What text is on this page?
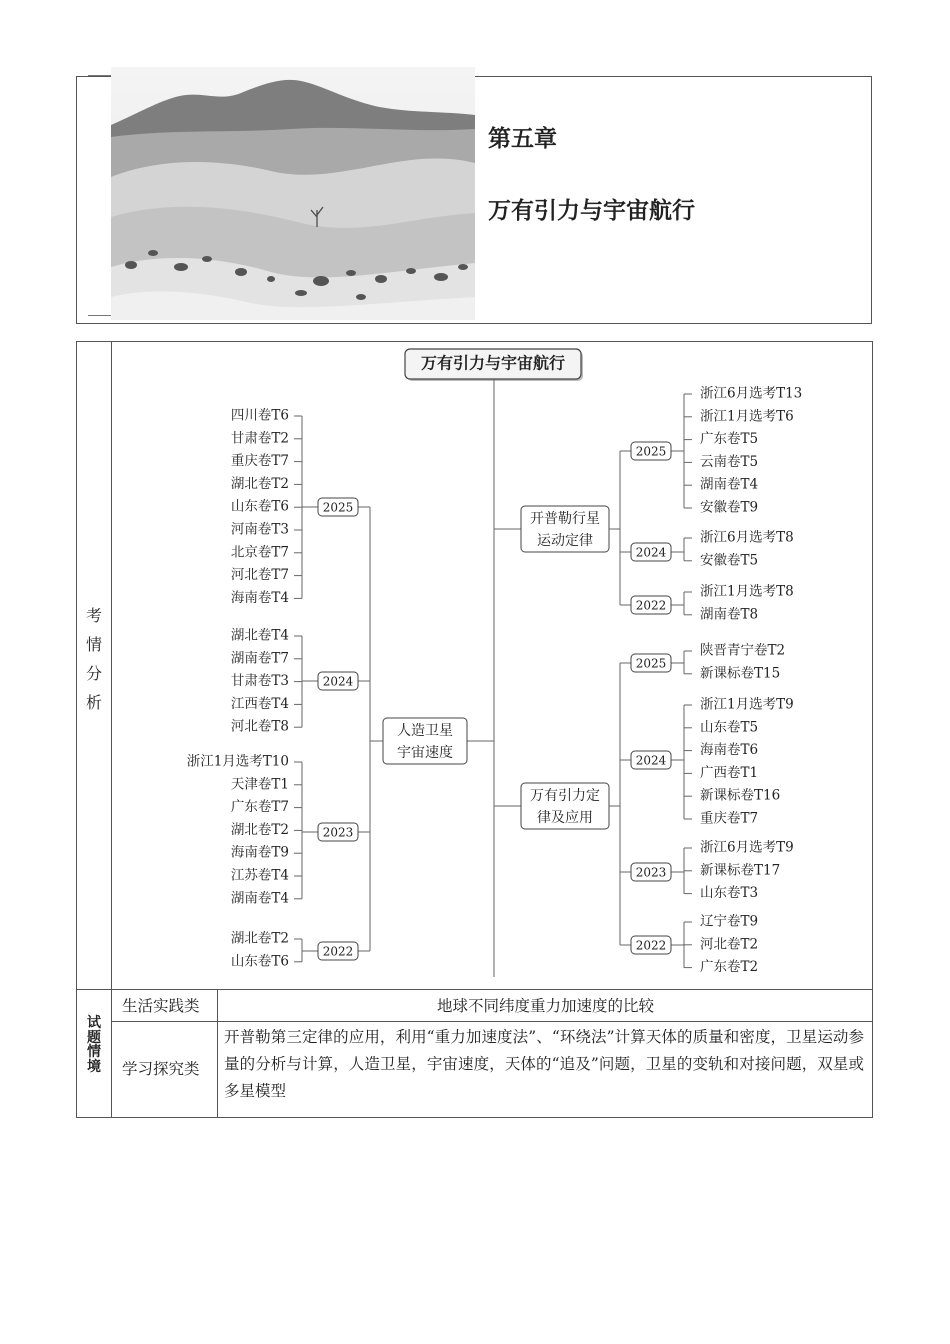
第五章
万有引力与宇宙航行
考
情
分
析
试
题
情
境
生活实践类	地球不同纬度重力加速度的比较
学习探究类
开普勒第三定律的应用，利用“重力加速度法”、“环绕法”计算天体的质量和密度，卫星运动参量的分析与计算，人造卫星，宇宙速度，天体的“追及”问题，卫星的变轨和对接问题，双星或多星模型
万有引力与宇宙航行
人造卫星
宇宙速度
四川卷T6
甘肃卷T2
重庆卷T7
湖北卷T2
山东卷T6
河南卷T3
北京卷T7
河北卷T7
海南卷T4
2025
湖北卷T4
湖南卷T7
甘肃卷T3
江西卷T4
河北卷T8
2024
浙江1月选考T10
天津卷T1
广东卷T7
湖北卷T2
海南卷T9
江苏卷T4
湖南卷T4
2023
湖北卷T2
山东卷T6
2022
开普勒行星
运动定律
浙江6月选考T13
浙江1月选考T6
广东卷T5
云南卷T5
湖南卷T4
安徽卷T9
2025
浙江6月选考T8
安徽卷T5
2024
浙江1月选考T8
湖南卷T8
2022
万有引力定
律及应用
陕晋青宁卷T2
新课标卷T15
2025
浙江1月选考T9
山东卷T5
海南卷T6
广西卷T1
新课标卷T16
重庆卷T7
2024
浙江6月选考T9
新课标卷T17
山东卷T3
2023
辽宁卷T9
河北卷T2
广东卷T2
2022
